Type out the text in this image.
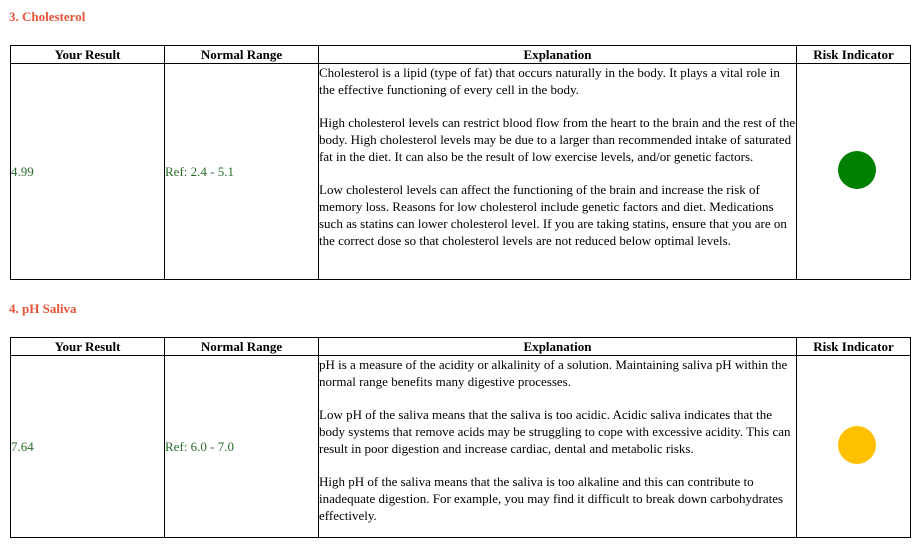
3. Cholesterol
Your Result	Normal Range	Explanation	Risk Indicator
4.99	Ref: 2.4 - 5.1	Cholesterol is a lipid (type of fat) that occurs naturally in the body. It plays a vital role in the effective functioning of every cell in the body.

High cholesterol levels can restrict blood flow from the heart to the brain and the rest of the body. High cholesterol levels may be due to a larger than recommended intake of saturated fat in the diet. It can also be the result of low exercise levels, and/or genetic factors.

Low cholesterol levels can affect the functioning of the brain and increase the risk of memory loss. Reasons for low cholesterol include genetic factors and diet. Medications such as statins can lower cholesterol level. If you are taking statins, ensure that you are on the correct dose so that cholesterol levels are not reduced below optimal levels.	

4. pH Saliva
Your Result	Normal Range	Explanation	Risk Indicator
7.64	Ref: 6.0 - 7.0	pH is a measure of the acidity or alkalinity of a solution. Maintaining saliva pH within the normal range benefits many digestive processes.

Low pH of the saliva means that the saliva is too acidic. Acidic saliva indicates that the body systems that remove acids may be struggling to cope with excessive acidity. This can result in poor digestion and increase cardiac, dental and metabolic risks.

High pH of the saliva means that the saliva is too alkaline and this can contribute to inadequate digestion. For example, you may find it difficult to break down carbohydrates effectively.	
